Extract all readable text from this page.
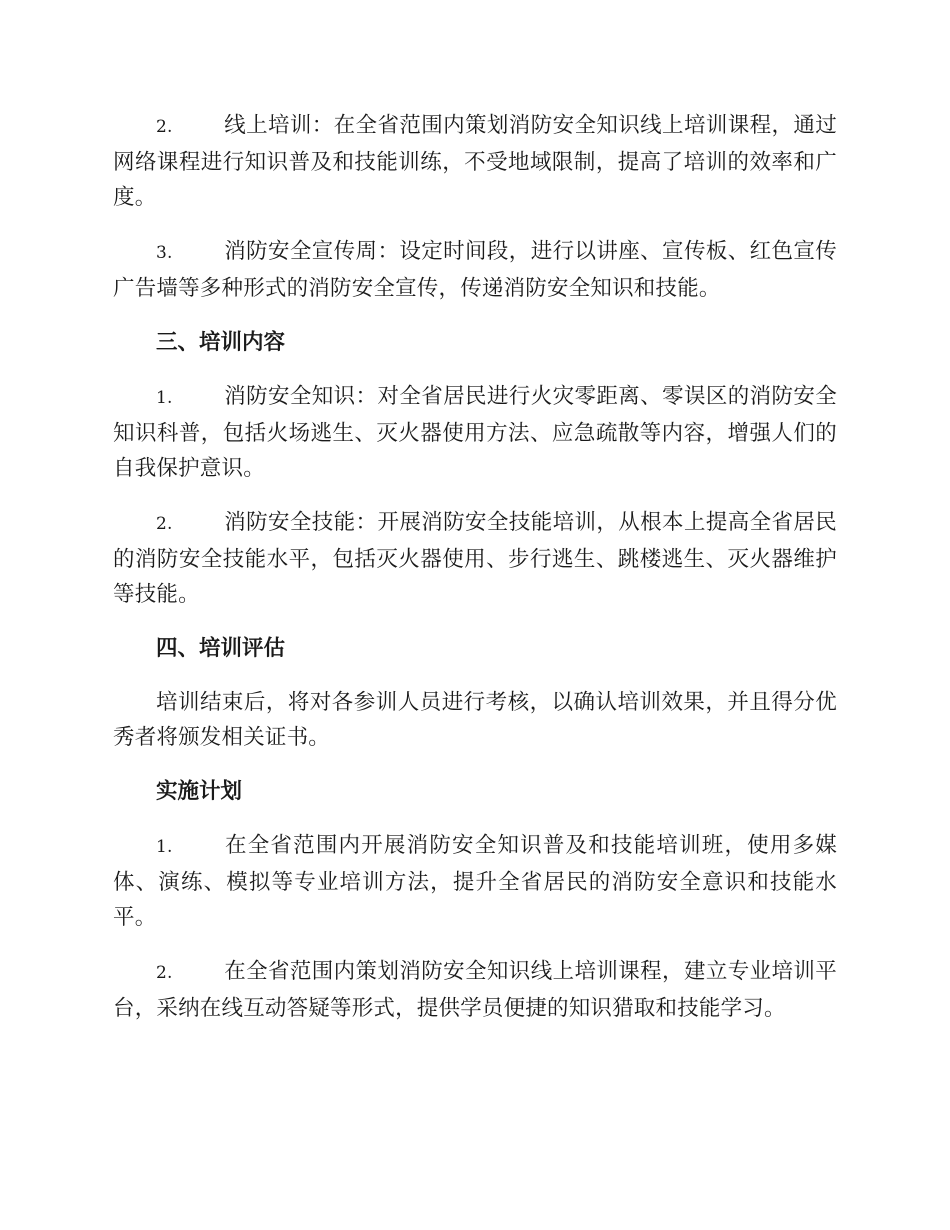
2. 线上培训：在全省范围内策划消防安全知识线上培训课程，通过网络课程进行知识普及和技能训练，不受地域限制，提高了培训的效率和广度。

3. 消防安全宣传周：设定时间段，进行以讲座、宣传板、红色宣传广告墙等多种形式的消防安全宣传，传递消防安全知识和技能。

三、培训内容

1. 消防安全知识：对全省居民进行火灾零距离、零误区的消防安全知识科普，包括火场逃生、灭火器使用方法、应急疏散等内容，增强人们的自我保护意识。

2. 消防安全技能：开展消防安全技能培训，从根本上提高全省居民的消防安全技能水平，包括灭火器使用、步行逃生、跳楼逃生、灭火器维护等技能。

四、培训评估

培训结束后，将对各参训人员进行考核，以确认培训效果，并且得分优秀者将颁发相关证书。

实施计划

1. 在全省范围内开展消防安全知识普及和技能培训班，使用多媒体、演练、模拟等专业培训方法，提升全省居民的消防安全意识和技能水平。

2. 在全省范围内策划消防安全知识线上培训课程，建立专业培训平台，采纳在线互动答疑等形式，提供学员便捷的知识猎取和技能学习。
